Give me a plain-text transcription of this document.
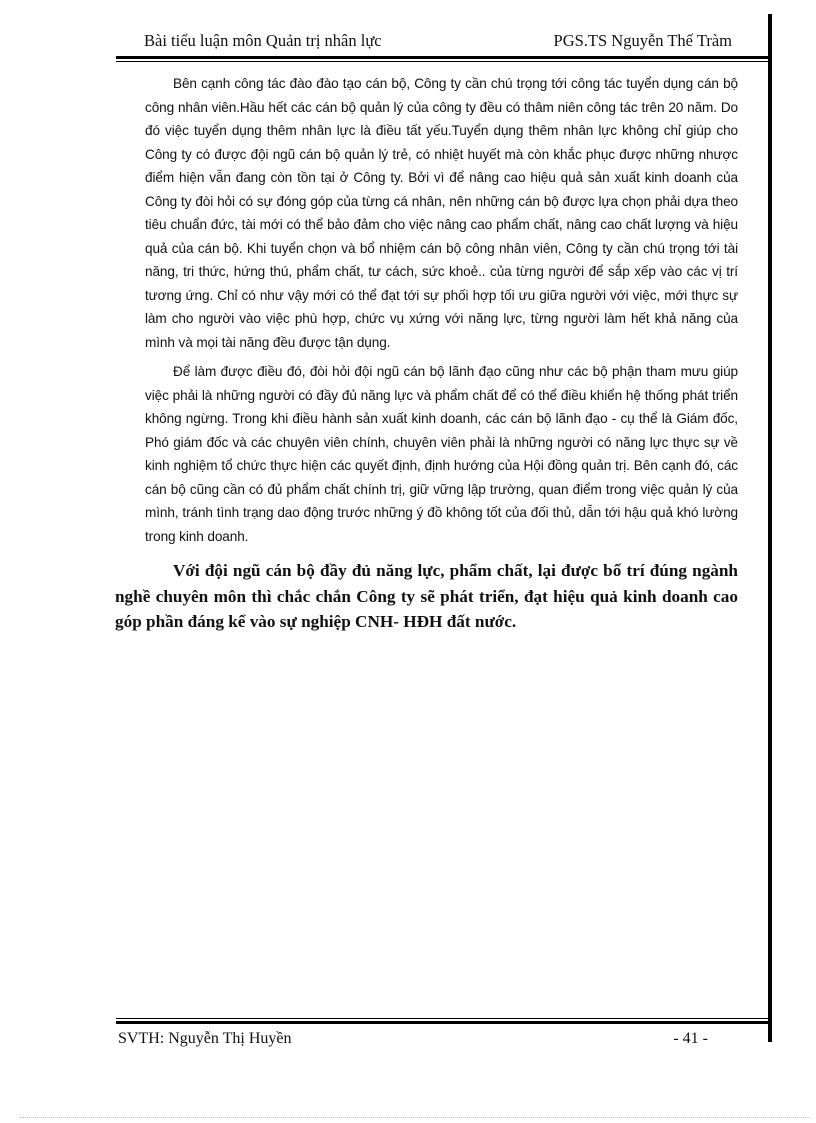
Bài tiểu luận môn Quản trị nhân lực	PGS.TS Nguyễn Thế Tràm

Bên cạnh công tác đào đào tạo cán bộ, Công ty cần chú trọng tới công tác tuyển dụng cán bộ công nhân viên.Hầu hết các cán bộ quản lý của công ty đều có thâm niên công tác trên 20 năm. Do đó việc tuyển dụng thêm nhân lực là điều tất yếu.Tuyển dụng thêm nhân lực không chỉ giúp cho Công ty có được đội ngũ cán bộ quản lý trẻ, có nhiệt huyết mà còn khắc phục được những nhược điểm hiện vẫn đang còn tồn tại ở Công ty. Bởi vì để nâng cao hiệu quả sản xuất kinh doanh của Công ty đòi hỏi có sự đóng góp của từng cá nhân, nên những cán bộ được lựa chọn phải dựa theo tiêu chuẩn đức, tài mới có thể bảo đảm cho việc nâng cao phẩm chất, nâng cao chất lượng và hiệu quả của cán bộ. Khi tuyển chọn và bổ nhiệm cán bộ công nhân viên, Công ty cần chú trọng tới tài năng, tri thức, hứng thú, phẩm chất, tư cách, sức khoẻ.. của từng người để sắp xếp vào các vị trí tương ứng. Chỉ có như vậy mới có thể đạt tới sự phối hợp tối ưu giữa người với việc, mới thực sự làm cho người vào việc phù hợp, chức vụ xứng với năng lực, từng người làm hết khả năng của mình và mọi tài năng đều được tận dụng.

Để làm được điều đó, đòi hỏi đội ngũ cán bộ lãnh đạo cũng như các bộ phận tham mưu giúp việc phải là những người có đầy đủ năng lực và phẩm chất để có thể điều khiển hệ thống phát triển không ngừng. Trong khi điều hành sản xuất kinh doanh, các cán bộ lãnh đạo - cụ thể là Giám đốc, Phó giám đốc và các chuyên viên chính, chuyên viên phải là những người có năng lực thực sự về kinh nghiệm tổ chức thực hiện các quyết định, định hướng của Hội đồng quản trị. Bên cạnh đó, các cán bộ cũng cần có đủ phẩm chất chính trị, giữ vững lập trường, quan điểm trong việc quản lý của mình, tránh tình trạng dao động trước những ý đồ không tốt của đối thủ, dẫn tới hậu quả khó lường trong kinh doanh.

Với đội ngũ cán bộ đầy đủ năng lực, phẩm chất, lại được bố trí đúng ngành nghề chuyên môn thì chắc chắn Công ty sẽ phát triển, đạt hiệu quả kinh doanh cao góp phần đáng kể vào sự nghiệp CNH- HĐH đất nước.

SVTH: Nguyễn Thị Huyền	- 41 -
